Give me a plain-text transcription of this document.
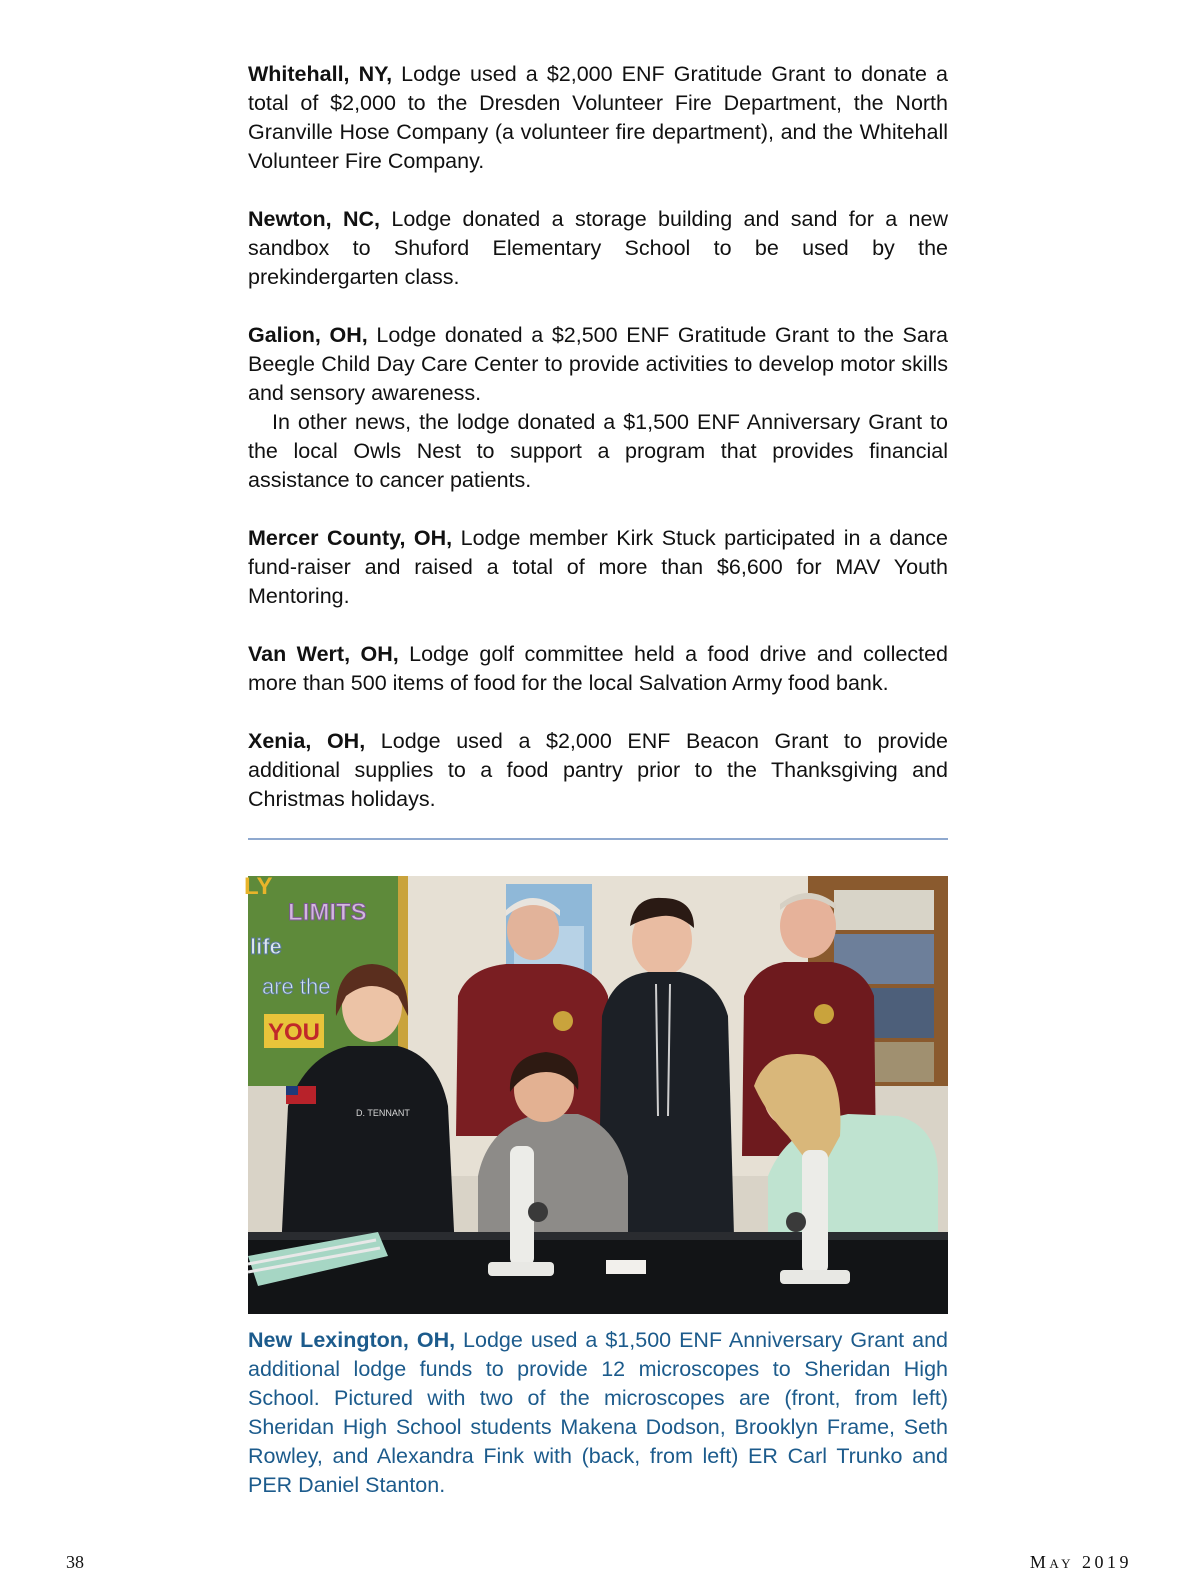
Whitehall, NY, Lodge used a $2,000 ENF Gratitude Grant to donate a total of $2,000 to the Dresden Volunteer Fire Department, the North Granville Hose Company (a volunteer fire department), and the Whitehall Volunteer Fire Company.

Newton, NC, Lodge donated a storage building and sand for a new sandbox to Shuford Elementary School to be used by the prekindergarten class.

Galion, OH, Lodge donated a $2,500 ENF Gratitude Grant to the Sara Beegle Child Day Care Center to provide activities to develop motor skills and sensory awareness.

In other news, the lodge donated a $1,500 ENF Anniversary Grant to the local Owls Nest to support a program that provides financial assistance to cancer patients.

Mercer County, OH, Lodge member Kirk Stuck participated in a dance fund-raiser and raised a total of more than $6,600 for MAV Youth Mentoring.

Van Wert, OH, Lodge golf committee held a food drive and collected more than 500 items of food for the local Salvation Army food bank.

Xenia, OH, Lodge used a $2,000 ENF Beacon Grant to provide additional supplies to a food pantry prior to the Thanksgiving and Christmas holidays.

LY
LIMITS
life
are the
YOU
D. TENNANT
New Lexington, OH, Lodge used a $1,500 ENF Anniversary Grant and additional lodge funds to provide 12 microscopes to Sheridan High School. Pictured with two of the microscopes are (front, from left) Sheridan High School students Makena Dodson, Brooklyn Frame, Seth Rowley, and Alexandra Fink with (back, from left) ER Carl Trunko and PER Daniel Stanton.
38	May 2019
